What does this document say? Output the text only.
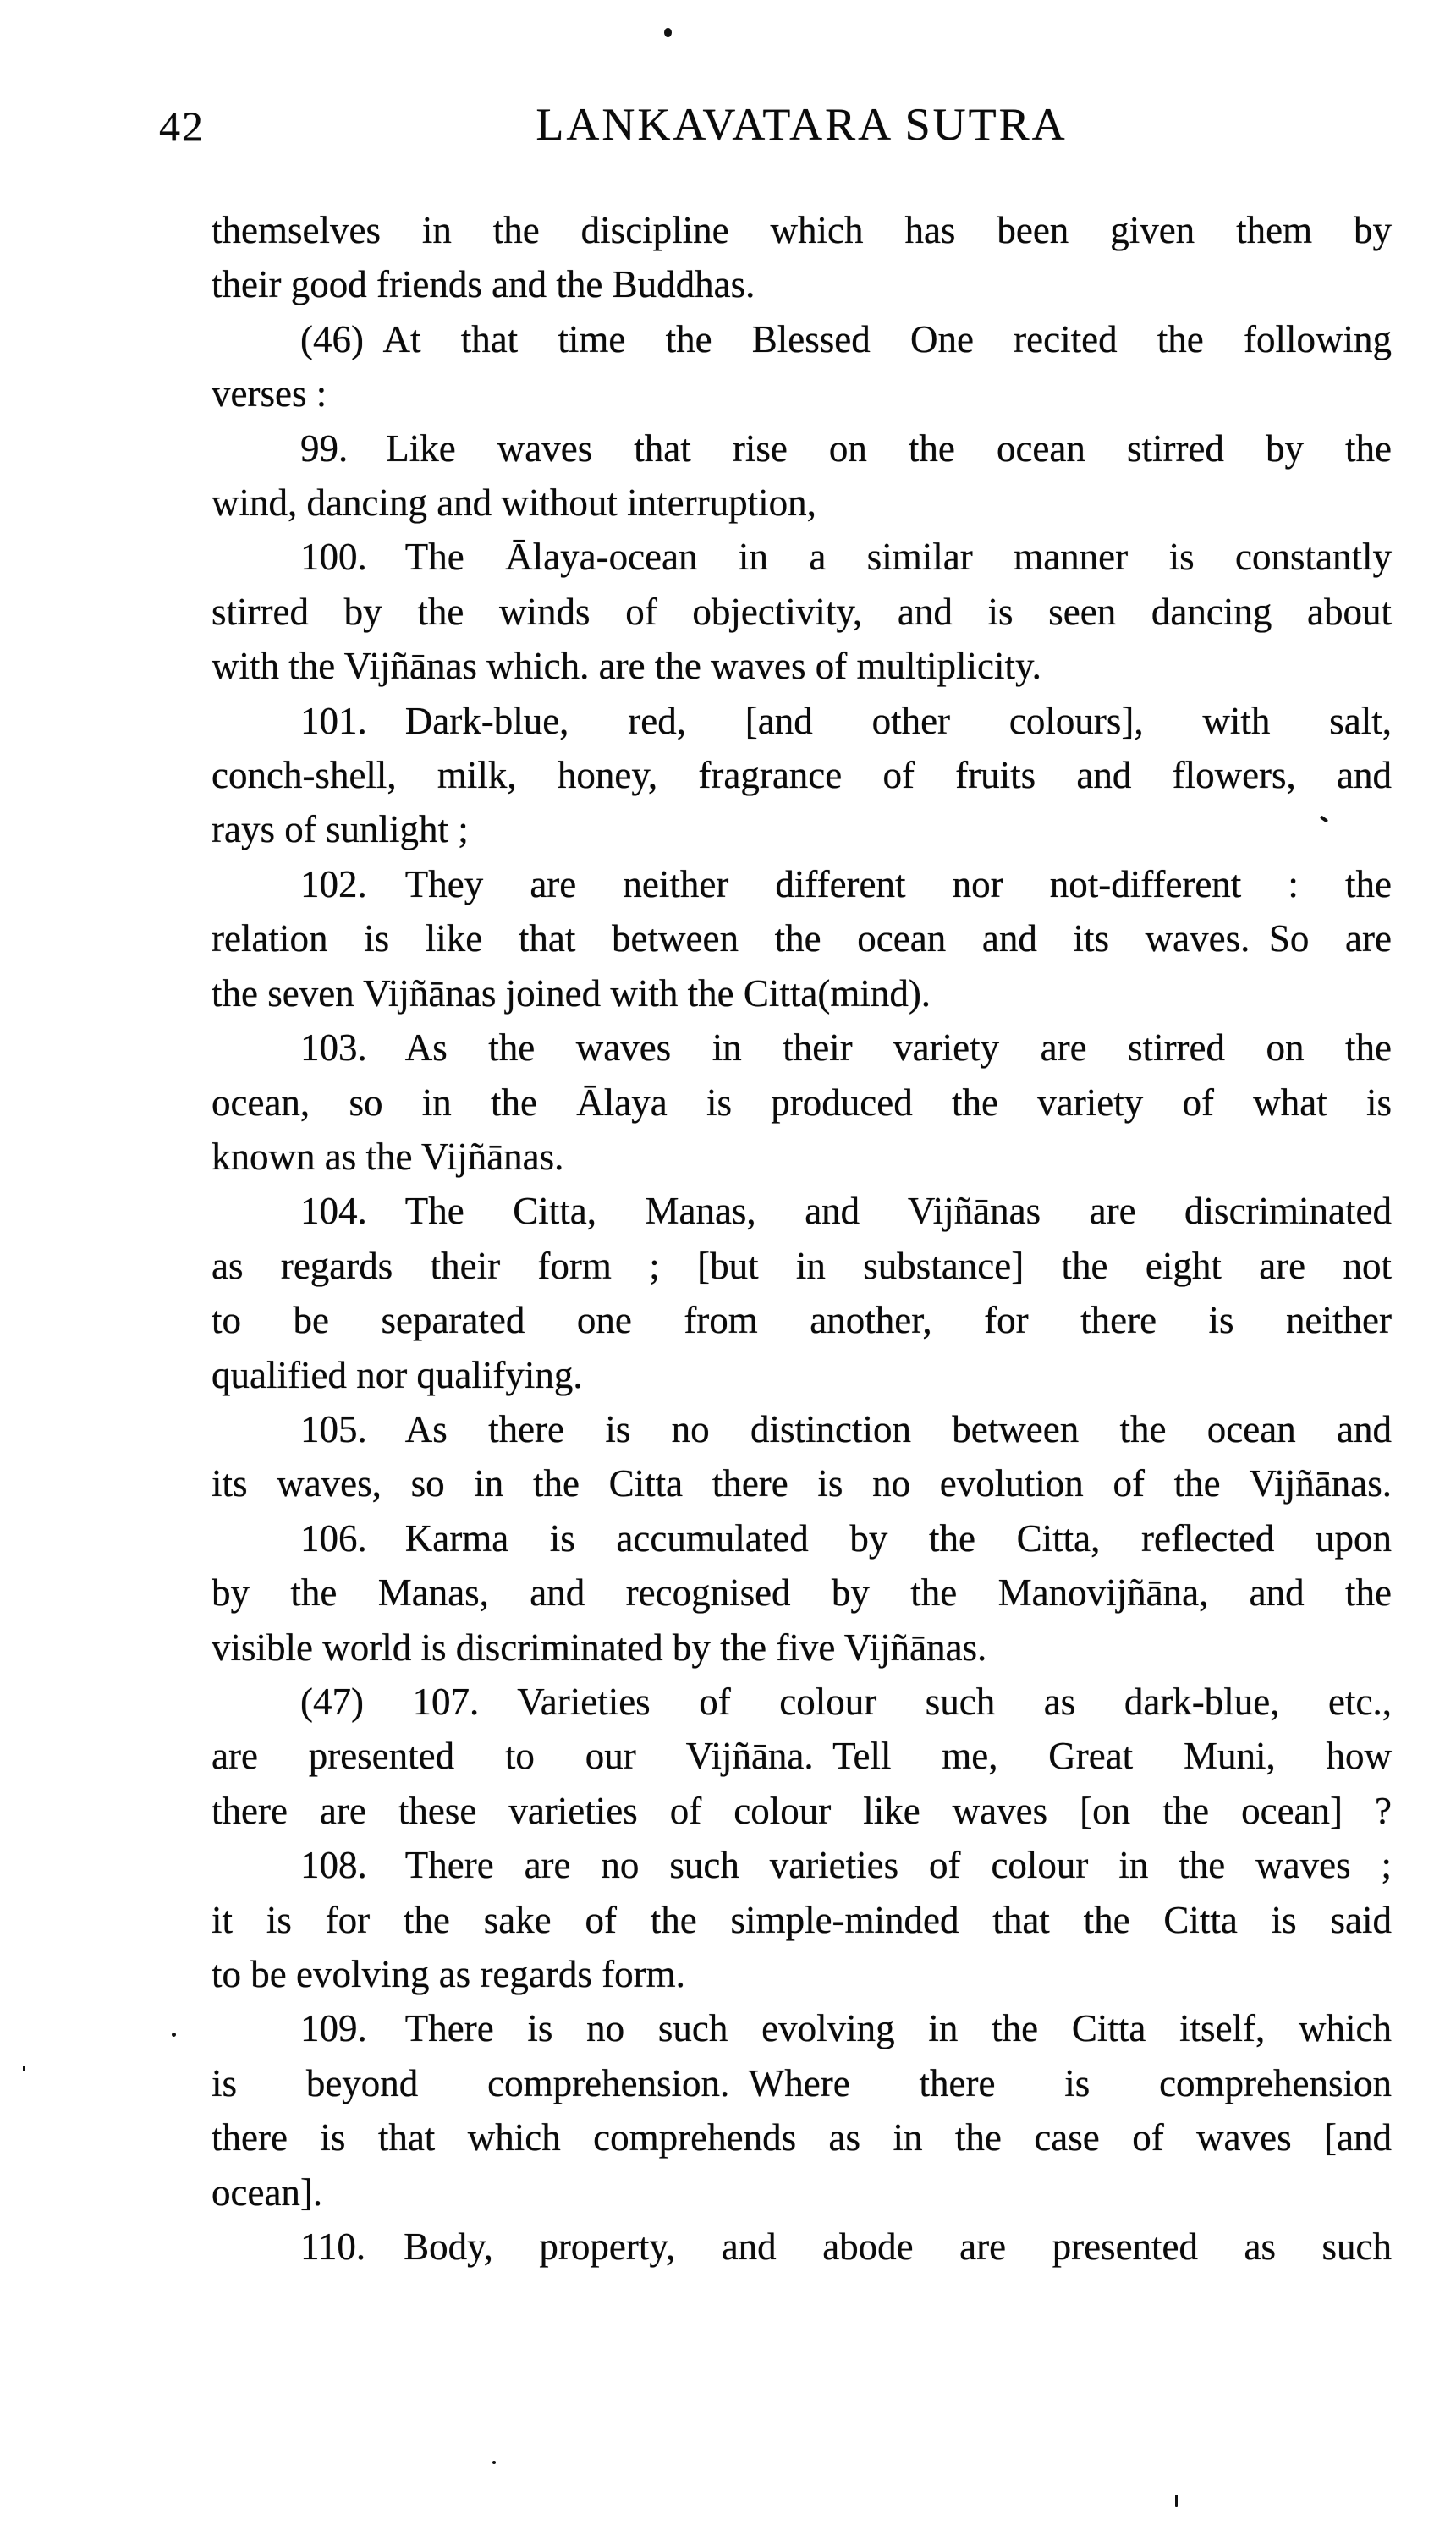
42	LANKAVATARA SUTRA
themselves in the discipline which has been given them by
their good friends and the Buddhas.
(46) At that time the Blessed One recited the following
verses :
99. Like waves that rise on the ocean stirred by the
wind, dancing and without interruption,
100. The Ālaya-ocean in a similar manner is constantly
stirred by the winds of objectivity, and is seen dancing about
with the Vijñānas which. are the waves of multiplicity.
101. Dark-blue, red, [and other colours], with salt,
conch-shell, milk, honey, fragrance of fruits and flowers, and
rays of sunlight ;
102. They are neither different nor not-different : the
relation is like that between the ocean and its waves. So are
the seven Vijñānas joined with the Citta(mind).
103. As the waves in their variety are stirred on the
ocean, so in the Ālaya is produced the variety of what is
known as the Vijñānas.
104. The Citta, Manas, and Vijñānas are discriminated
as regards their form ; [but in substance] the eight are not
to be separated one from another, for there is neither
qualified nor qualifying.
105. As there is no distinction between the ocean and
its waves, so in the Citta there is no evolution of the Vijñānas.
106. Karma is accumulated by the Citta, reflected upon
by the Manas, and recognised by the Manovijñāna, and the
visible world is discriminated by the five Vijñānas.
(47) 107. Varieties of colour such as dark-blue, etc.,
are presented to our Vijñāna. Tell me, Great Muni, how
there are these varieties of colour like waves [on the ocean] ?
108. There are no such varieties of colour in the waves ;
it is for the sake of the simple-minded that the Citta is said
to be evolving as regards form.
109. There is no such evolving in the Citta itself, which
is beyond comprehension. Where there is comprehension
there is that which comprehends as in the case of waves [and
ocean].
110. Body, property, and abode are presented as such
